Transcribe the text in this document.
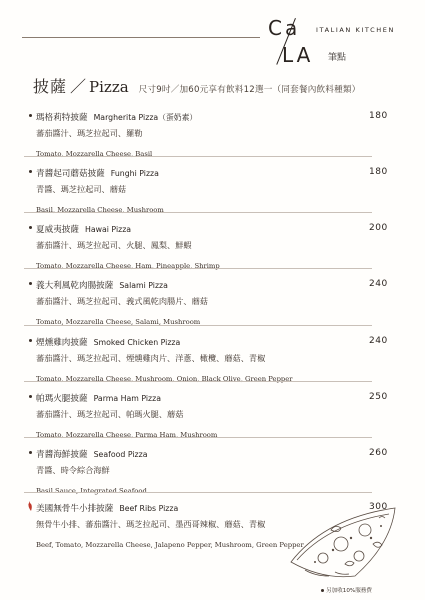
Ca
LA
ITALIAN KITCHEN
筆點
披薩 ／ Pizza 尺寸9吋／加60元享有飲料12選一（同套餐內飲料種類）
瑪格莉特披薩 Margherita Pizza（蛋奶素）	180
蕃茄醬汁、瑪芝拉起司、羅勒
Tomato, Mozzarella Cheese, Basil
青醬起司蘑菇披薩 Funghi Pizza	180
青醬、瑪芝拉起司、蘑菇
Basil, Mozzarella Cheese, Mushroom
夏威夷披薩 Hawai Pizza	200
蕃茄醬汁、瑪芝拉起司、火腿、鳳梨、鮮蝦
Tomato, Mozzarella Cheese, Ham, Pineapple, Shrimp
義大利風乾肉腸披薩 Salami Pizza	240
蕃茄醬汁、瑪芝拉起司、義式風乾肉腸片、蘑菇
Tomato, Mozzarella Cheese, Salami, Mushroom
煙燻雞肉披薩 Smoked Chicken Pizza	240
蕃茄醬汁、瑪芝拉起司、煙燻雞肉片、洋蔥、橄欖、蘑菇、青椒
Tomato, Mozzarella Cheese, Mushroom, Onion, Black Olive, Green Pepper
帕瑪火腿披薩 Parma Ham Pizza	250
蕃茄醬汁、瑪芝拉起司、帕瑪火腿、蘑菇
Tomato, Mozzarella Cheese, Parma Ham, Mushroom
青醬海鮮披薩 Seafood Pizza	260
青醬、時令綜合海鮮
Basil Sauce, Integrated Seafood
美國無骨牛小排披薩 Beef Ribs Pizza	300
無骨牛小排、蕃茄醬汁、瑪芝拉起司、墨西哥辣椒、蘑菇、青椒
Beef, Tomato, Mozzarella Cheese, Jalapeno Pepper, Mushroom, Green Pepper
另加收10%服務費
